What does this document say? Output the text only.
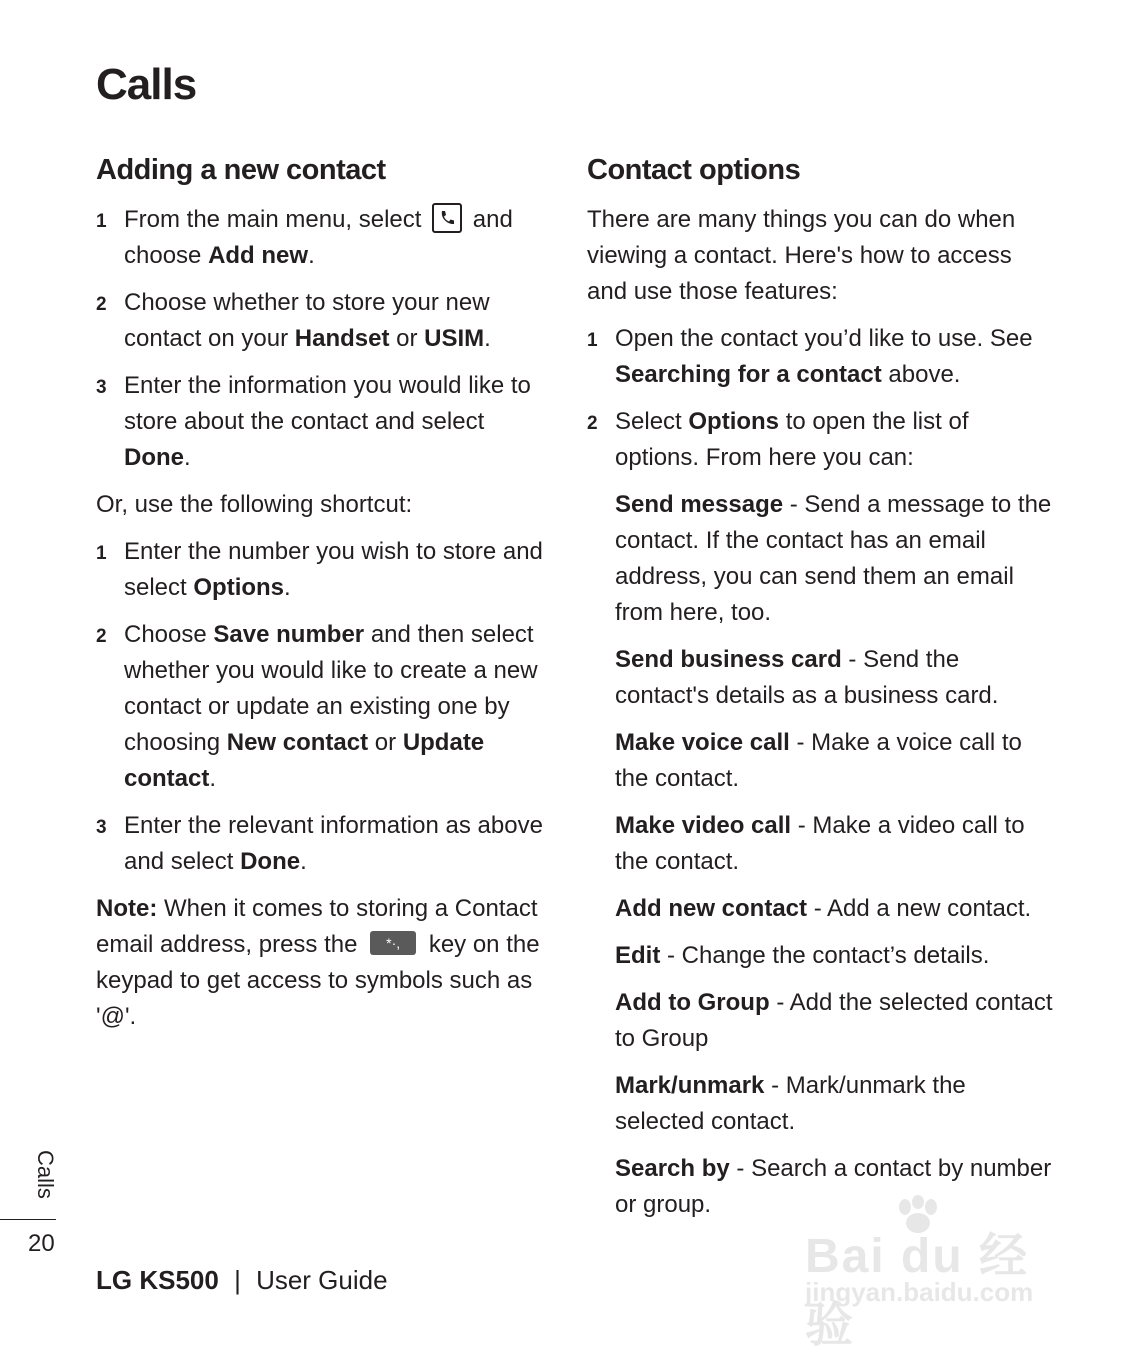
Calls
Adding a new contact
1 From the main menu, select and choose Add new.
2 Choose whether to store your new contact on your Handset or USIM.
3 Enter the information you would like to store about the contact and select Done.

Or, use the following shortcut:

1 Enter the number you wish to store and select Options.
2 Choose Save number and then select whether you would like to create a new contact or update an existing one by choosing New contact or Update contact.
3 Enter the relevant information as above and select Done.

Note: When it comes to storing a Contact email address, press the *·, key on the keypad to get access to symbols such as '@'.

Contact options

There are many things you can do when viewing a contact. Here's how to access and use those features:

1 Open the contact you’d like to use. See Searching for a contact above.
2 Select Options to open the list of options. From here you can:

Send message - Send a message to the contact. If the contact has an email address, you can send them an email from here, too.

Send business card - Send the contact's details as a business card.

Make voice call - Make a voice call to the contact.

Make video call - Make a video call to the contact.

Add new contact - Add a new contact.

Edit - Change the contact’s details.

Add to Group - Add the selected contact to Group

Mark/unmark - Mark/unmark the selected contact.

Search by - Search a contact by number or group.

Calls
20
LG KS500 | User Guide	Bai du 经验
jingyan.baidu.com
